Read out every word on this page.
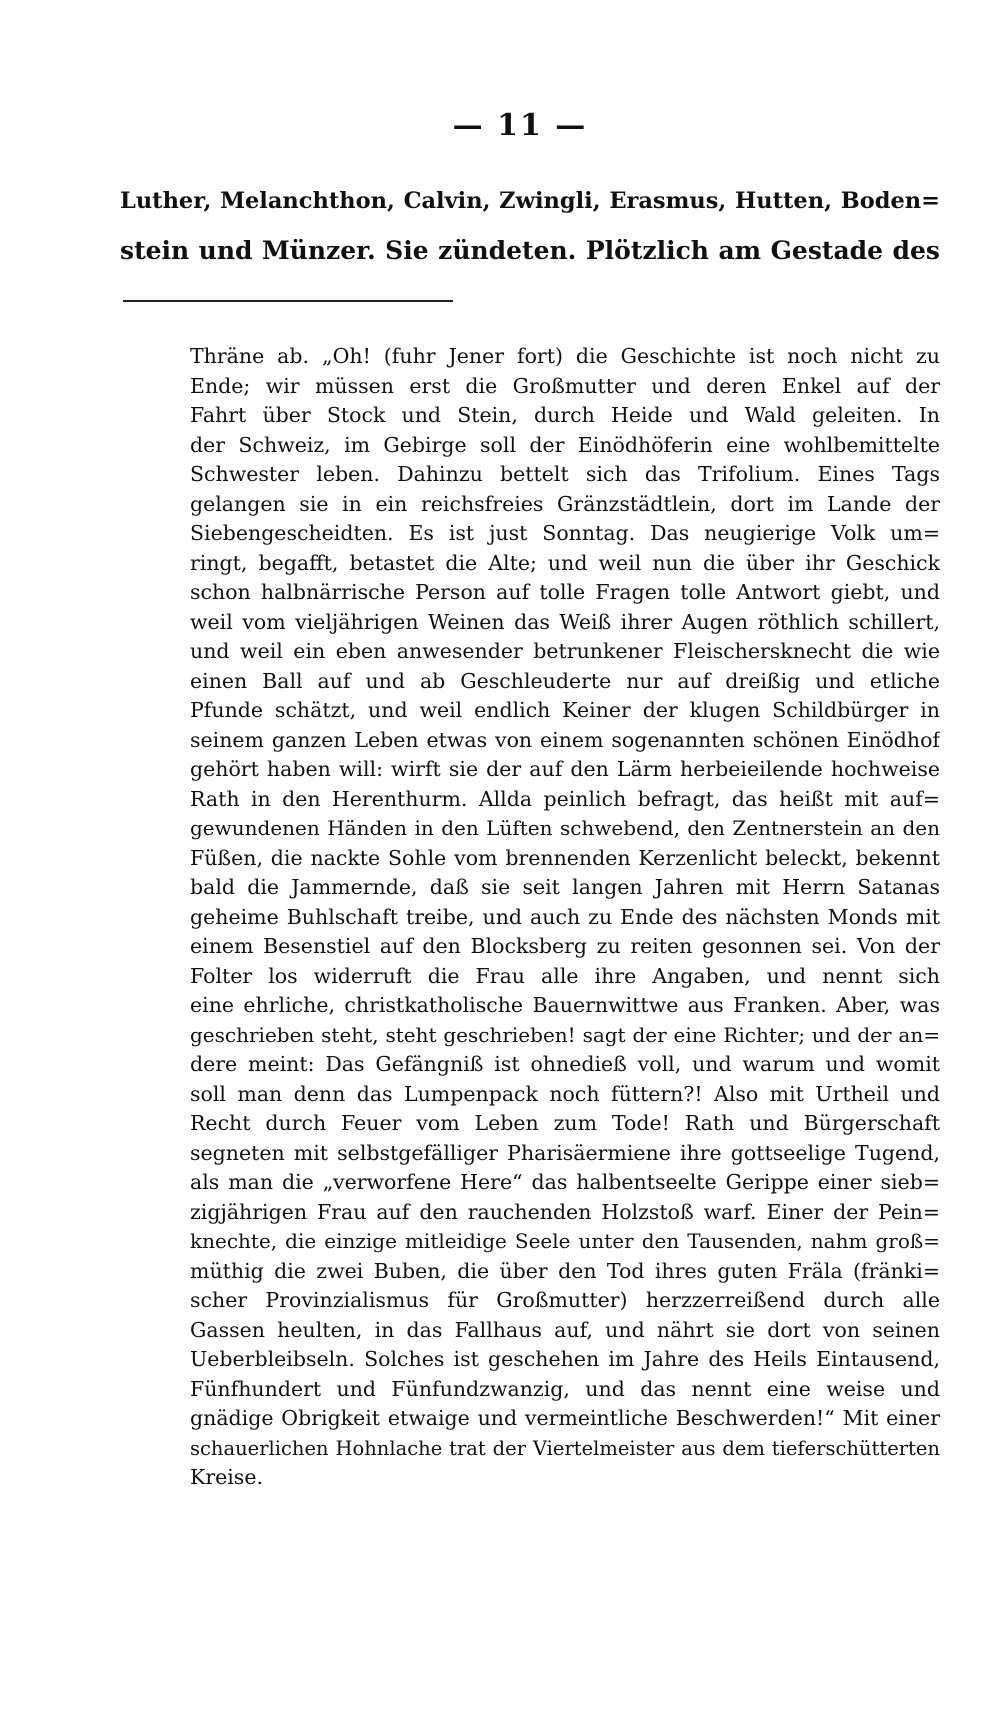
— 11 —
Luther, Melanchthon, Calvin, Zwingli, Erasmus, Hutten, Boden=
stein und Münzer. Sie zündeten. Plötzlich am Gestade des
Thräne ab. „Oh! (fuhr Jener fort) die Geschichte ist noch nicht zu
Ende; wir müssen erst die Großmutter und deren Enkel auf der
Fahrt über Stock und Stein, durch Heide und Wald geleiten. In
der Schweiz, im Gebirge soll der Einödhöferin eine wohlbemittelte
Schwester leben. Dahinzu bettelt sich das Trifolium. Eines Tags
gelangen sie in ein reichsfreies Gränzstädtlein, dort im Lande der
Siebengescheidten. Es ist just Sonntag. Das neugierige Volk um=
ringt, begafft, betastet die Alte; und weil nun die über ihr Geschick
schon halbnärrische Person auf tolle Fragen tolle Antwort giebt, und
weil vom vieljährigen Weinen das Weiß ihrer Augen röthlich schillert,
und weil ein eben anwesender betrunkener Fleischersknecht die wie
einen Ball auf und ab Geschleuderte nur auf dreißig und etliche
Pfunde schätzt, und weil endlich Keiner der klugen Schildbürger in
seinem ganzen Leben etwas von einem sogenannten schönen Einödhof
gehört haben will: wirft sie der auf den Lärm herbeieilende hochweise
Rath in den Herenthurm. Allda peinlich befragt, das heißt mit auf=
gewundenen Händen in den Lüften schwebend, den Zentnerstein an den
Füßen, die nackte Sohle vom brennenden Kerzenlicht beleckt, bekennt
bald die Jammernde, daß sie seit langen Jahren mit Herrn Satanas
geheime Buhlschaft treibe, und auch zu Ende des nächsten Monds mit
einem Besenstiel auf den Blocksberg zu reiten gesonnen sei. Von der
Folter los widerruft die Frau alle ihre Angaben, und nennt sich
eine ehrliche, christkatholische Bauernwittwe aus Franken. Aber, was
geschrieben steht, steht geschrieben! sagt der eine Richter; und der an=
dere meint: Das Gefängniß ist ohnedieß voll, und warum und womit
soll man denn das Lumpenpack noch füttern?! Also mit Urtheil und
Recht durch Feuer vom Leben zum Tode! Rath und Bürgerschaft
segneten mit selbstgefälliger Pharisäermiene ihre gottseelige Tugend,
als man die „verworfene Here“ das halbentseelte Gerippe einer sieb=
zigjährigen Frau auf den rauchenden Holzstoß warf. Einer der Pein=
knechte, die einzige mitleidige Seele unter den Tausenden, nahm groß=
müthig die zwei Buben, die über den Tod ihres guten Fräla (fränki=
scher Provinzialismus für Großmutter) herzzerreißend durch alle
Gassen heulten, in das Fallhaus auf, und nährt sie dort von seinen
Ueberbleibseln. Solches ist geschehen im Jahre des Heils Eintausend,
Fünfhundert und Fünfundzwanzig, und das nennt eine weise und
gnädige Obrigkeit etwaige und vermeintliche Beschwerden!“ Mit einer
schauerlichen Hohnlache trat der Viertelmeister aus dem tieferschütterten
Kreise.
